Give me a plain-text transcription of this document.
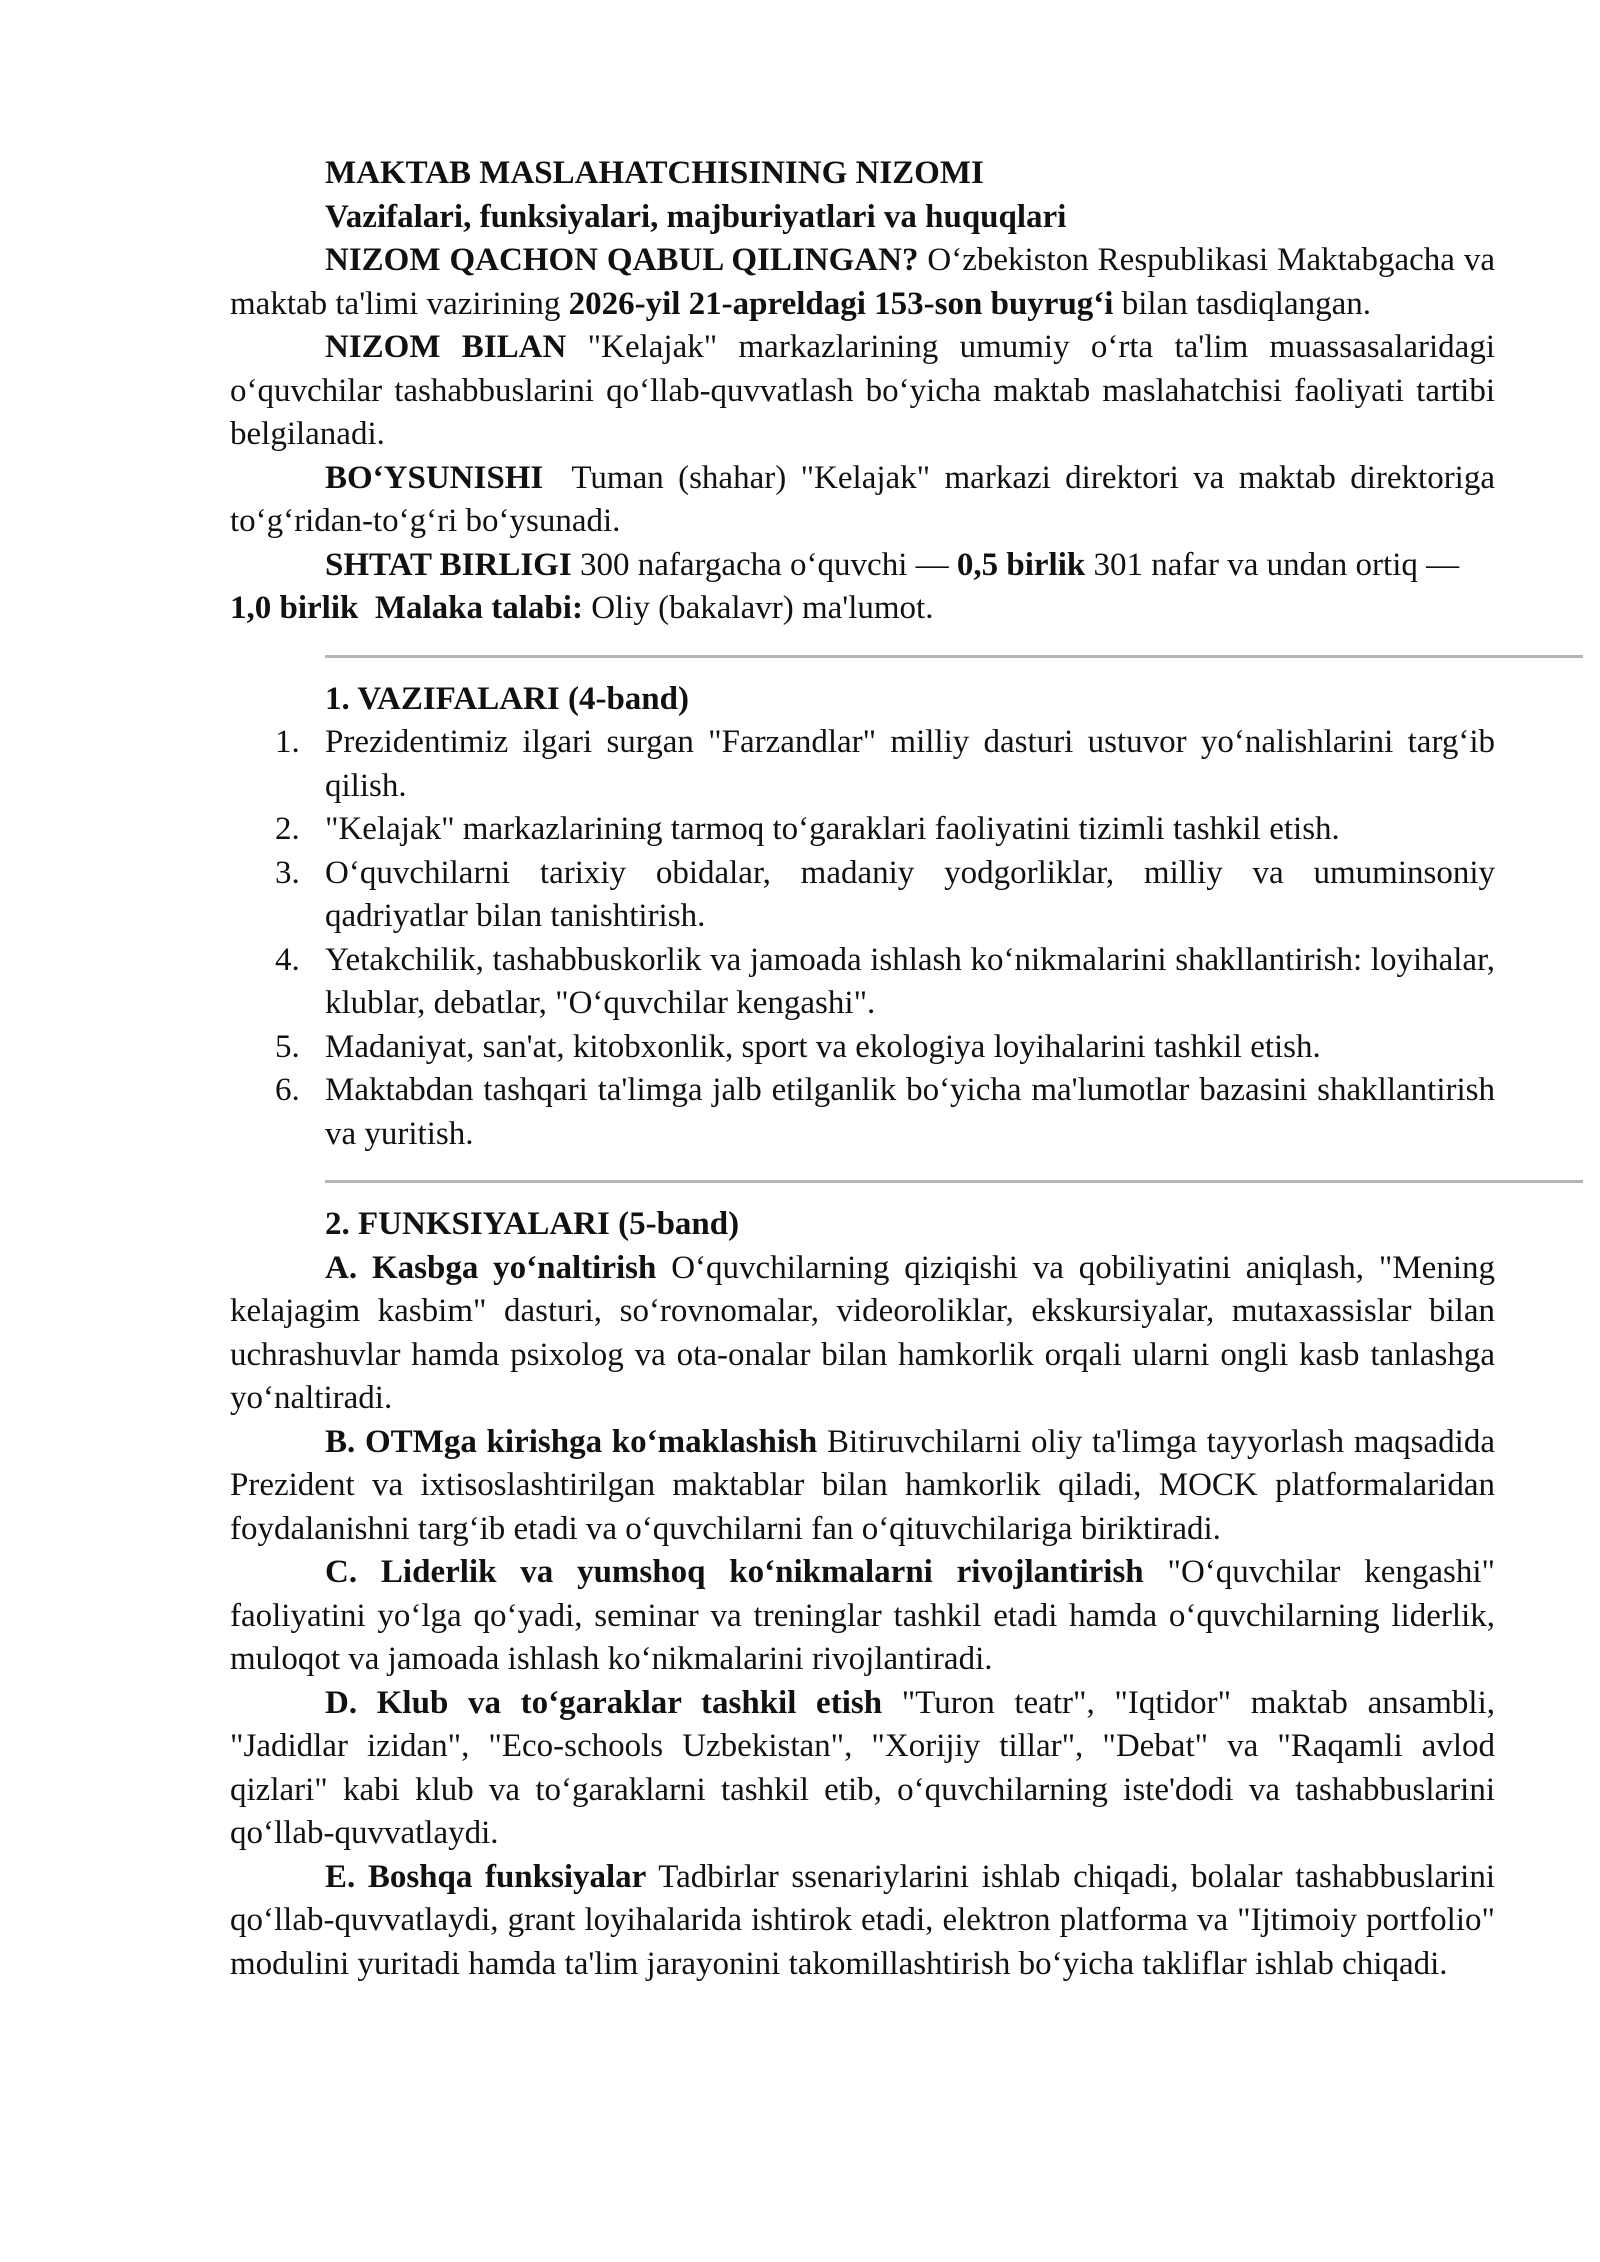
MAKTAB MASLAHATCHISINING NIZOMI

Vazifalari, funksiyalari, majburiyatlari va huquqlari

NIZOM QACHON QABUL QILINGAN? O‘zbekiston Respublikasi Maktabgacha va maktab ta'limi vazirining 2026-yil 21-apreldagi 153-son buyrug‘i bilan tasdiqlangan.

NIZOM BILAN "Kelajak" markazlarining umumiy o‘rta ta'lim muassasalaridagi o‘quvchilar tashabbuslarini qo‘llab-quvvatlash bo‘yicha maktab maslahatchisi faoliyati tartibi belgilanadi.

BO‘YSUNISHI  Tuman (shahar) "Kelajak" markazi direktori va maktab direktoriga to‘g‘ridan-to‘g‘ri bo‘ysunadi.

SHTAT BIRLIGI 300 nafargacha o‘quvchi — 0,5 birlik 301 nafar va undan ortiq — 1,0 birlik Malaka talabi: Oliy (bakalavr) ma'lumot.

1. VAZIFALARI (4-band)

1. Prezidentimiz ilgari surgan "Farzandlar" milliy dasturi ustuvor yo‘nalishlarini targ‘ib qilish.
2. "Kelajak" markazlarining tarmoq to‘garaklari faoliyatini tizimli tashkil etish.
3. O‘quvchilarni tarixiy obidalar, madaniy yodgorliklar, milliy va umuminsoniy qadriyatlar bilan tanishtirish.
4. Yetakchilik, tashabbuskorlik va jamoada ishlash ko‘nikmalarini shakllantirish: loyihalar, klublar, debatlar, "O‘quvchilar kengashi".
5. Madaniyat, san'at, kitobxonlik, sport va ekologiya loyihalarini tashkil etish.
6. Maktabdan tashqari ta'limga jalb etilganlik bo‘yicha ma'lumotlar bazasini shakllantirish va yuritish.

2. FUNKSIYALARI (5-band)

A. Kasbga yo‘naltirish O‘quvchilarning qiziqishi va qobiliyatini aniqlash, "Mening kelajagim kasbim" dasturi, so‘rovnomalar, videoroliklar, ekskursiyalar, mutaxassislar bilan uchrashuvlar hamda psixolog va ota-onalar bilan hamkorlik orqali ularni ongli kasb tanlashga yo‘naltiradi.

B. OTMga kirishga ko‘maklashish Bitiruvchilarni oliy ta'limga tayyorlash maqsadida Prezident va ixtisoslashtirilgan maktablar bilan hamkorlik qiladi, MOCK platformalaridan foydalanishni targ‘ib etadi va o‘quvchilarni fan o‘qituvchilariga biriktiradi.

C. Liderlik va yumshoq ko‘nikmalarni rivojlantirish "O‘quvchilar kengashi" faoliyatini yo‘lga qo‘yadi, seminar va treninglar tashkil etadi hamda o‘quvchilarning liderlik, muloqot va jamoada ishlash ko‘nikmalarini rivojlantiradi.

D. Klub va to‘garaklar tashkil etish "Turon teatr", "Iqtidor" maktab ansambli, "Jadidlar izidan", "Eco-schools Uzbekistan", "Xorijiy tillar", "Debat" va "Raqamli avlod qizlari" kabi klub va to‘garaklarni tashkil etib, o‘quvchilarning iste'dodi va tashabbuslarini qo‘llab-quvvatlaydi.

E. Boshqa funksiyalar Tadbirlar ssenariylarini ishlab chiqadi, bolalar tashabbuslarini qo‘llab-quvvatlaydi, grant loyihalarida ishtirok etadi, elektron platforma va "Ijtimoiy portfolio" modulini yuritadi hamda ta'lim jarayonini takomillashtirish bo‘yicha takliflar ishlab chiqadi.
